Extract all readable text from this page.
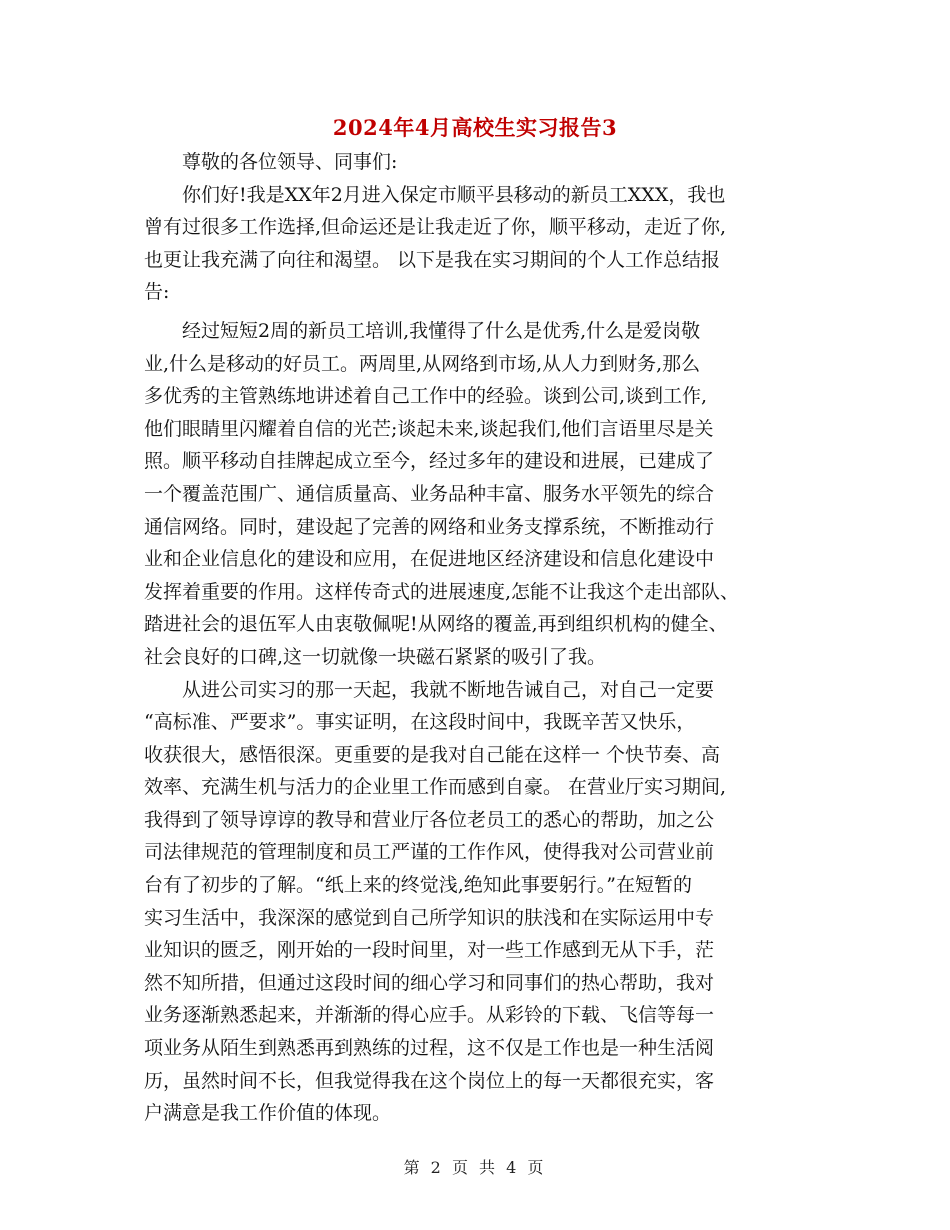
2024年4月高校生实习报告3

尊敬的各位领导、同事们:

你们好!我是XX年2月进入保定市顺平县移动的新员工XXX，我也
曾有过很多工作选择,但命运还是让我走近了你，顺平移动，走近了你,
也更让我充满了向往和渴望。 以下是我在实习期间的个人工作总结报
告:

经过短短2周的新员工培训,我懂得了什么是优秀,什么是爱岗敬
业,什么是移动的好员工。两周里,从网络到市场,从人力到财务,那么
多优秀的主管熟练地讲述着自己工作中的经验。谈到公司,谈到工作,
他们眼睛里闪耀着自信的光芒;谈起未来,谈起我们,他们言语里尽是关
照。顺平移动自挂牌起成立至今，经过多年的建设和进展，已建成了
一个覆盖范围广、通信质量高、业务品种丰富、服务水平领先的综合
通信网络。同时，建设起了完善的网络和业务支撑系统，不断推动行
业和企业信息化的建设和应用，在促进地区经济建设和信息化建设中
发挥着重要的作用。这样传奇式的进展速度,怎能不让我这个走出部队、
踏进社会的退伍军人由衷敬佩呢!从网络的覆盖,再到组织机构的健全、
社会良好的口碑,这一切就像一块磁石紧紧的吸引了我。

从进公司实习的那一天起，我就不断地告诫自己，对自己一定要
“高标准、严要求”。事实证明，在这段时间中，我既辛苦又快乐，
收获很大，感悟很深。更重要的是我对自己能在这样一 个快节奏、高
效率、充满生机与活力的企业里工作而感到自豪。 在营业厅实习期间,
我得到了领导谆谆的教导和营业厅各位老员工的悉心的帮助，加之公
司法律规范的管理制度和员工严谨的工作作风，使得我对公司营业前
台有了初步的了解。“纸上来的终觉浅,绝知此事要躬行。”在短暂的
实习生活中，我深深的感觉到自己所学知识的肤浅和在实际运用中专
业知识的匮乏，刚开始的一段时间里，对一些工作感到无从下手，茫
然不知所措，但通过这段时间的细心学习和同事们的热心帮助，我对
业务逐渐熟悉起来，并渐渐的得心应手。从彩铃的下载、飞信等每一
项业务从陌生到熟悉再到熟练的过程，这不仅是工作也是一种生活阅
历，虽然时间不长，但我觉得我在这个岗位上的每一天都很充实，客
户满意是我工作价值的体现。

第 2 页 共 4 页
